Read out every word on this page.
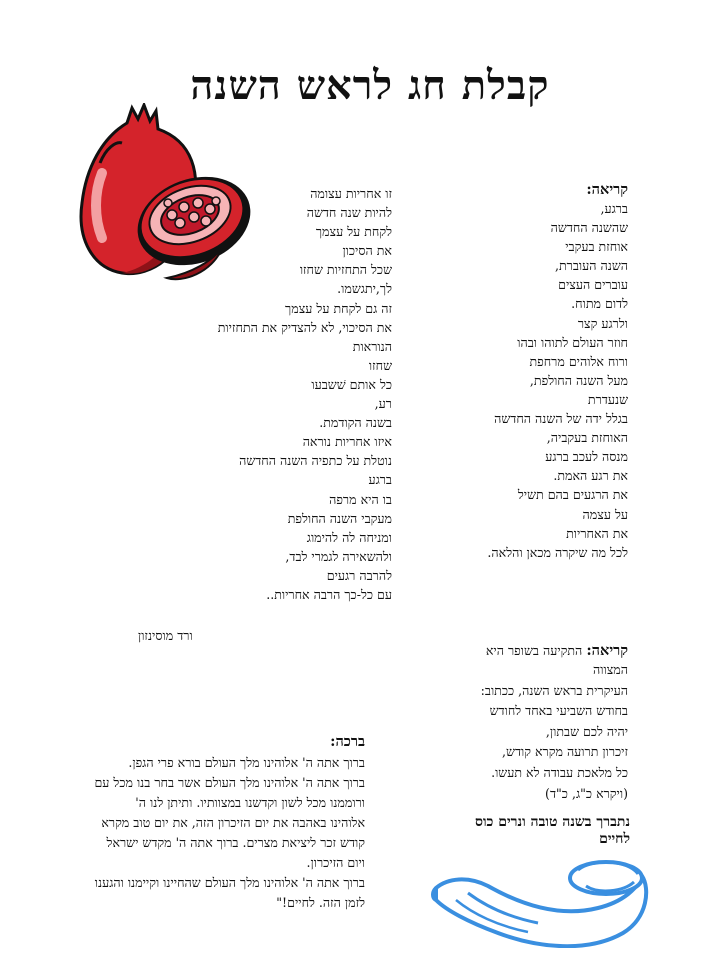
קבלת חג לראש השנה
קריאה:
ברגע,
שהשנה החדשה
אוחזת בעקבי
השנה העוברת,
עוברים העצים
לדום מתוח.
ולרגע קצר
חוזר העולם לתוהו ובהו
ורוח אלוהים מרחפת
מעל השנה החולפת,
שנעדרת
בגלל ידה של השנה החדשה
האוחזת בעקביה,
מנסה לעכב ברגע
את רגע האמת.
את הרגעים בהם תשיל
על עצמה
את האחריות
לכל מה שיקרה מכאן והלאה.
זו אחריות עצומה
להיות שנה חדשה
לקחת על עצמך
את הסיכון
שכל התחזיות שחזו
לך,יתגשמו.
זה גם לקחת על עצמך
את הסיכוי, לא להצדיק את התחזיות
הנוראות
שחזו
כל אותם שׁשבעו
רע,
בשנה הקודמת.
איזו אחריות נוראה
נוטלת על כתפיה השנה החדשה
ברגע
בו היא מרפה
מעקבי השנה החולפת
ומניחה לה להימוג
ולהשאירה לגמרי לבד,
להרבה רגעים
עם כל-כך הרבה אחריות..
ורד מוסינזון
קריאה: התקיעה בשופר היא
המצווה
העיקרית בראש השנה, ככתוב:
בחודש השביעי באחד לחודש
יהיה לכם שבתון,
זיכרון תרועה מקרא קודש,
כל מלאכת עבודה לא תעשו.
(ויקרא כ"ג, כ"ד)
ברכה:
ברוך אתה ה' אלוהינו מלך העולם בורא פרי הגפן.
ברוך אתה ה' אלוהינו מלך העולם אשר בחר בנו מכל עם
ורוממנו מכל לשון וקדשנו במצוותיו. ותיתן לנו ה'
אלוהינו באהבה את יום הזיכרון הזה, את יום טוב מקרא
קודש זכר ליציאת מצרים. ברוך אתה ה' מקדש ישראל
ויום הזיכרון.
ברוך אתה ה' אלוהינו מלך העולם שהחיינו וקיימנו והגענו
לזמן הזה. לחיים!"
נתברך בשנה טובה ונרים כוס לחיים
